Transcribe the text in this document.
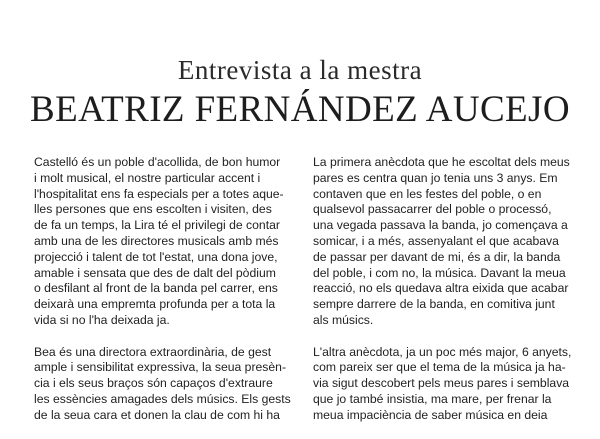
Entrevista a la mestra
BEATRIZ FERNÁNDEZ AUCEJO

Castelló és un poble d'acollida, de bon humor
i molt musical, el nostre particular accent i
l'hospitalitat ens fa especials per a totes aque-
lles persones que ens escolten i visiten, des
de fa un temps, la Lira té el privilegi de contar
amb una de les directores musicals amb més
projecció i talent de tot l'estat, una dona jove,
amable i sensata que des de dalt del pòdium
o desfilant al front de la banda pel carrer, ens
deixarà una empremta profunda per a tota la
vida si no l'ha deixada ja.

Bea és una directora extraordinària, de gest
ample i sensibilitat expressiva, la seua presèn-
cia i els seus braços són capaços d'extraure
les essències amagades dels músics. Els gests
de la seua cara et donen la clau de com hi ha

La primera anècdota que he escoltat dels meus
pares es centra quan jo tenia uns 3 anys. Em
contaven que en les festes del poble, o en
qualsevol passacarrer del poble o processó,
una vegada passava la banda, jo començava a
somicar, i a més, assenyalant el que acabava
de passar per davant de mi, és a dir, la banda
del poble, i com no, la música. Davant la meua
reacció, no els quedava altra eixida que acabar
sempre darrere de la banda, en comitiva junt
als músics.

L'altra anècdota, ja un poc més major, 6 anyets,
com pareix ser que el tema de la música ja ha-
via sigut descobert pels meus pares i semblava
que jo també insistia, ma mare, per frenar la
meua impaciència de saber música en deia
